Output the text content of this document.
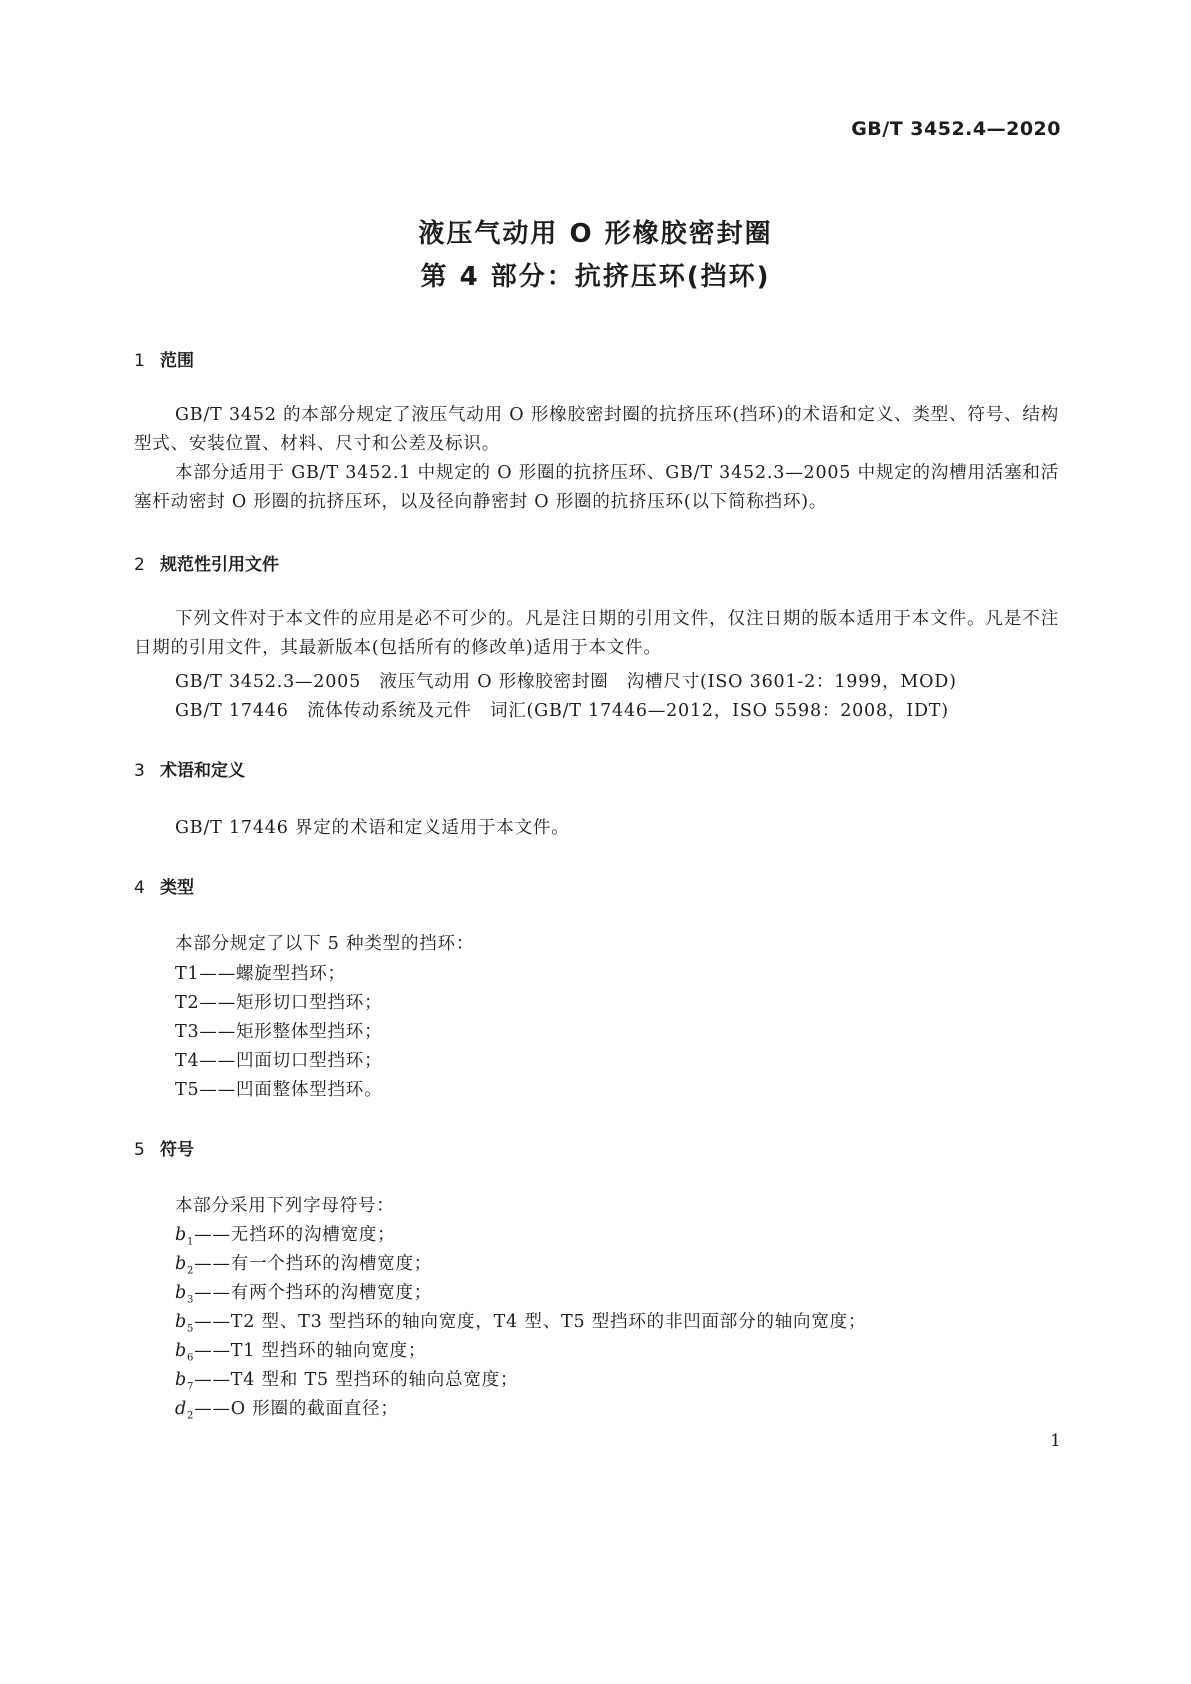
GB/T 3452.4—2020
液压气动用 O 形橡胶密封圈
第 4 部分：抗挤压环(挡环)
1 范围
GB/T 3452 的本部分规定了液压气动用 O 形橡胶密封圈的抗挤压环(挡环)的术语和定义、类型、符号、结构型式、安装位置、材料、尺寸和公差及标识。
本部分适用于 GB/T 3452.1 中规定的 O 形圈的抗挤压环、GB/T 3452.3—2005 中规定的沟槽用活塞和活塞杆动密封 O 形圈的抗挤压环，以及径向静密封 O 形圈的抗挤压环(以下简称挡环)。
2 规范性引用文件
下列文件对于本文件的应用是必不可少的。凡是注日期的引用文件，仅注日期的版本适用于本文件。凡是不注日期的引用文件，其最新版本(包括所有的修改单)适用于本文件。
GB/T 3452.3—2005　液压气动用 O 形橡胶密封圈　沟槽尺寸(ISO 3601-2：1999，MOD)
GB/T 17446　流体传动系统及元件　词汇(GB/T 17446—2012，ISO 5598：2008，IDT)
3 术语和定义
GB/T 17446 界定的术语和定义适用于本文件。
4 类型
本部分规定了以下 5 种类型的挡环：
T1——螺旋型挡环；
T2——矩形切口型挡环；
T3——矩形整体型挡环；
T4——凹面切口型挡环；
T5——凹面整体型挡环。
5 符号
本部分采用下列字母符号：
$b_1——$无挡环的沟槽宽度；
$b_2——$有一个挡环的沟槽宽度；
$b_3——$有两个挡环的沟槽宽度；
$b_5——T2$ 型、T3 型挡环的轴向宽度，T4 型、T5 型挡环的非凹面部分的轴向宽度；
$b_6——T1$ 型挡环的轴向宽度；
$b_7——T4$ 型和 T5 型挡环的轴向总宽度；
$d_2——O$ 形圈的截面直径；
1
